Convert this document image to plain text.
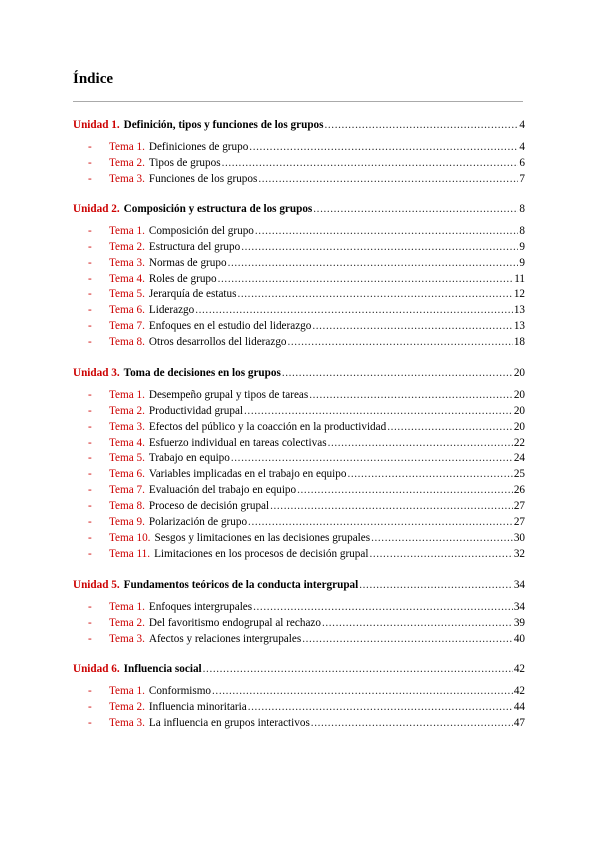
Índice
Unidad 1. Definición, tipos y funciones de los grupos .....	4
-	Tema 1. Definiciones de grupo .....	4
-	Tema 2. Tipos de grupos .....	6
-	Tema 3. Funciones de los grupos .....	7
Unidad 2. Composición y estructura de los grupos .....	8
-	Tema 1. Composición del grupo .....	8
-	Tema 2. Estructura del grupo .....	9
-	Tema 3. Normas de grupo .....	9
-	Tema 4. Roles de grupo .....	11
-	Tema 5. Jerarquía de estatus .....	12
-	Tema 6. Liderazgo .....	13
-	Tema 7. Enfoques en el estudio del liderazgo .....	13
-	Tema 8. Otros desarrollos del liderazgo .....	18
Unidad 3. Toma de decisiones en los grupos .....	20
-	Tema 1. Desempeño grupal y tipos de tareas .....	20
-	Tema 2. Productividad grupal .....	20
-	Tema 3. Efectos del público y la coacción en la productividad .....	20
-	Tema 4. Esfuerzo individual en tareas colectivas .....	22
-	Tema 5. Trabajo en equipo .....	24
-	Tema 6. Variables implicadas en el trabajo en equipo .....	25
-	Tema 7. Evaluación del trabajo en equipo .....	26
-	Tema 8. Proceso de decisión grupal .....	27
-	Tema 9. Polarización de grupo .....	27
-	Tema 10. Sesgos y limitaciones en las decisiones grupales .....	30
-	Tema 11. Limitaciones en los procesos de decisión grupal .....	32
Unidad 5. Fundamentos teóricos de la conducta intergrupal .....	34
-	Tema 1. Enfoques intergrupales .....	34
-	Tema 2. Del favoritismo endogrupal al rechazo .....	39
-	Tema 3. Afectos y relaciones intergrupales .....	40
Unidad 6. Influencia social .....	42
-	Tema 1. Conformismo .....	42
-	Tema 2. Influencia minoritaria .....	44
-	Tema 3. La influencia en grupos interactivos .....	47
